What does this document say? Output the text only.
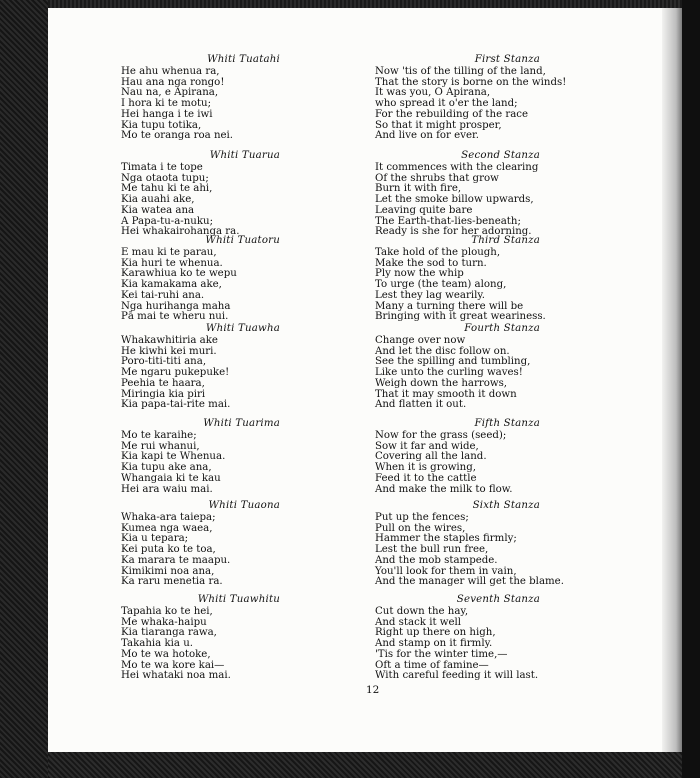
Whiti Tuatahi
He ahu whenua ra,
Hau ana nga rongo!
Nau na, e Apirana,
I hora ki te motu;
Hei hanga i te iwi
Kia tupu totika,
Mo te oranga roa nei.
Whiti Tuarua
Timata i te tope
Nga otaota tupu;
Me tahu ki te ahi,
Kia auahi ake,
Kia watea ana
A Papa-tu-a-nuku;
Hei whakairohanga ra.
Whiti Tuatoru
E mau ki te parau,
Kia huri te whenua.
Karawhiua ko te wepu
Kia kamakama ake,
Kei tai-ruhi ana.
Nga hurihanga maha
Pā mai te wheru nui.
Whiti Tuawha
Whakawhitiria ake
He kiwhi kei muri.
Poro-titi-titi ana,
Me ngaru pukepuke!
Peehia te haara,
Miringia kia piri
Kia papa-tai-rite mai.
Whiti Tuarima
Mo te karaihe;
Me rui whanui,
Kia kapi te Whenua.
Kia tupu ake ana,
Whangaia ki te kau
Hei ara waiu mai.
Whiti Tuaona
Whaka-ara taiepa;
Kumea nga waea,
Kia u tepara;
Kei puta ko te toa,
Ka marara te maapu.
Kimikimi noa ana,
Ka raru menetia ra.
Whiti Tuawhitu
Tapahia ko te hei,
Me whaka-haipu
Kia tiaranga rawa,
Takahia kia u.
Mo te wa hotoke,
Mo te wa kore kai—
Hei whataki noa mai.
First Stanza
Now 'tis of the tilling of the land,
That the story is borne on the winds!
It was you, O Apirana,
who spread it o'er the land;
For the rebuilding of the race
So that it might prosper,
And live on for ever.
Second Stanza
It commences with the clearing
Of the shrubs that grow
Burn it with fire,
Let the smoke billow upwards,
Leaving quite bare
The Earth-that-lies-beneath;
Ready is she for her adorning.
Third Stanza
Take hold of the plough,
Make the sod to turn.
Ply now the whip
To urge (the team) along,
Lest they lag wearily.
Many a turning there will be
Bringing with it great weariness.
Fourth Stanza
Change over now
And let the disc follow on.
See the spilling and tumbling,
Like unto the curling waves!
Weigh down the harrows,
That it may smooth it down
And flatten it out.
Fifth Stanza
Now for the grass (seed);
Sow it far and wide,
Covering all the land.
When it is growing,
Feed it to the cattle
And make the milk to flow.
Sixth Stanza
Put up the fences;
Pull on the wires,
Hammer the staples firmly;
Lest the bull run free,
And the mob stampede.
You'll look for them in vain,
And the manager will get the blame.
Seventh Stanza
Cut down the hay,
And stack it well
Right up there on high,
And stamp on it firmly.
'Tis for the winter time,—
Oft a time of famine—
With careful feeding it will last.
12
